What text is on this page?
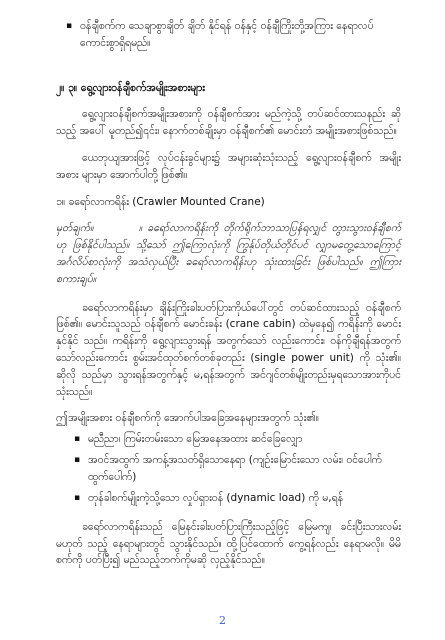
▪ ဝန်ချီစက်က သေချာစွာချိတ် ချိတ် နိုင်ရန် ဝန်နှင့် ဝန်ချီကြိုးတို့အကြား နေရာလပ် ကောင်းစွာရှိရမည်။
၂။ ၃။ ရွေ့လျားဝန်ချီစက်အမျိုးအစားများ

ရွေ့လျားဝန်ချီစက်အမျိုးအစားကို ဝန်ချီစက်အား မည်ကဲ့သို့ တပ်ဆင်ထားသနည်း ဆိုသည့် အပေါ် မူတည်၍၎င်း၊ နောက်တစ်ချိုးမှာ ဝန်ချီစက်၏ မောင်းတံ အမျိုးအစားဖြစ်သည်။

ယေဘုယျအားဖြင့် လုပ်ငန်းခွင်များ၌ အများဆုံးသုံးသည့် ရွေ့လျားဝန်ချီစက် အမျိုးအစား များမှာ အောက်ပါတို့ ဖြစ်၏။

၁။ ခရော်လာကရိန်း (Crawler Mounted Crane)
မှတ်ချက်။	။ ခရော်လာကရိန်းကို တိုက်ရိုက်ဘာသာပြန်ရလျှင် တွားသွားဝန်ချီစက်ဟု ဖြစ်နိုင်ပါသည်။ သို့သော် ဤကြောလုံးကို ကြွန်ုပ်တိုယ်တိုင်ပင် လျှာမတွေ့သောကြောင့် အင်္ဂလိပ်စာလုံးကို အသံလှယ်ပြီး ခရော်လာကရိန်းဟု သုံးထားခြင်း ဖြစ်ပါသည်။ ဤကြား စကားချပ်။

ခရော်လာကရိန်းမှာ ချိန်းကြိုးခါးပတ်ပြားကိုယ်ပေါ်တွင် တပ်ဆင်ထားသည့် ဝန်ချီစက် ဖြစ်၏။ မောင်းသူသည် ဝန်ချီစက် မောင်းခန်း (crane cabin) ထဲမှနေ၍ ကရိန်းကို မောင်းနှင်နိုင် သည်။ ကရိန်းကို ရွေ့လျားသွားရန် အတွက်သော် လည်းကောင်း၊ ဝန်ကိုချီရန်အတွက် သော်လည်းကောင်း စွမ်းအင်ထုတ်စက်တစ်ခုတည်း (single power unit) ကို သုံး၏။ ဆိုလို သည်မှာ သွားရန်အတွက်နှင့် မ,ရန်အတွက် အင်ဂျင်တစ်မျိုးတည်းမှရသောအားကိုပင် သုံးသည်။

ဤအမျိုးအစား ဝန်ချီစက်ကို အောက်ပါအခြေအနေများအတွက် သုံး၏။

▪ မညီညာ၊ ကြမ်းတမ်းသော မြေအနေအထား ဆင်ခြေလျှော
▪ အဝင်အထွက် အကန့်အသတ်ရှိသောနေရာ (ကျဉ်းမြောင်းသော လမ်း၊ ဝင်ပေါက်ထွက်ပေါက်)
▪ တုန်ခါစက်မျိုးကဲ့သို့သော လှုပ်ရှားဝန် (dynamic load) ကို မ,ရန်

ခရော်လာကရိန်းသည် မြေနင်းခါးပတ်ပြားကြီးသည့်ဖြင့် မြေမကျ၊ ခင်းပြီးသားလမ်း မဟုတ် သည့် နေရာများတွင် သွားနိုင်သည်။ ထို့ပြင်ထောက် ကွေ့ရန်လည်း နေရာမလို။ မိမိစက်ကို ပတ်ပြီး၍ မည်သည့်ဘက်ကိုမဆို လှည့်နိုင်သည်။

2
